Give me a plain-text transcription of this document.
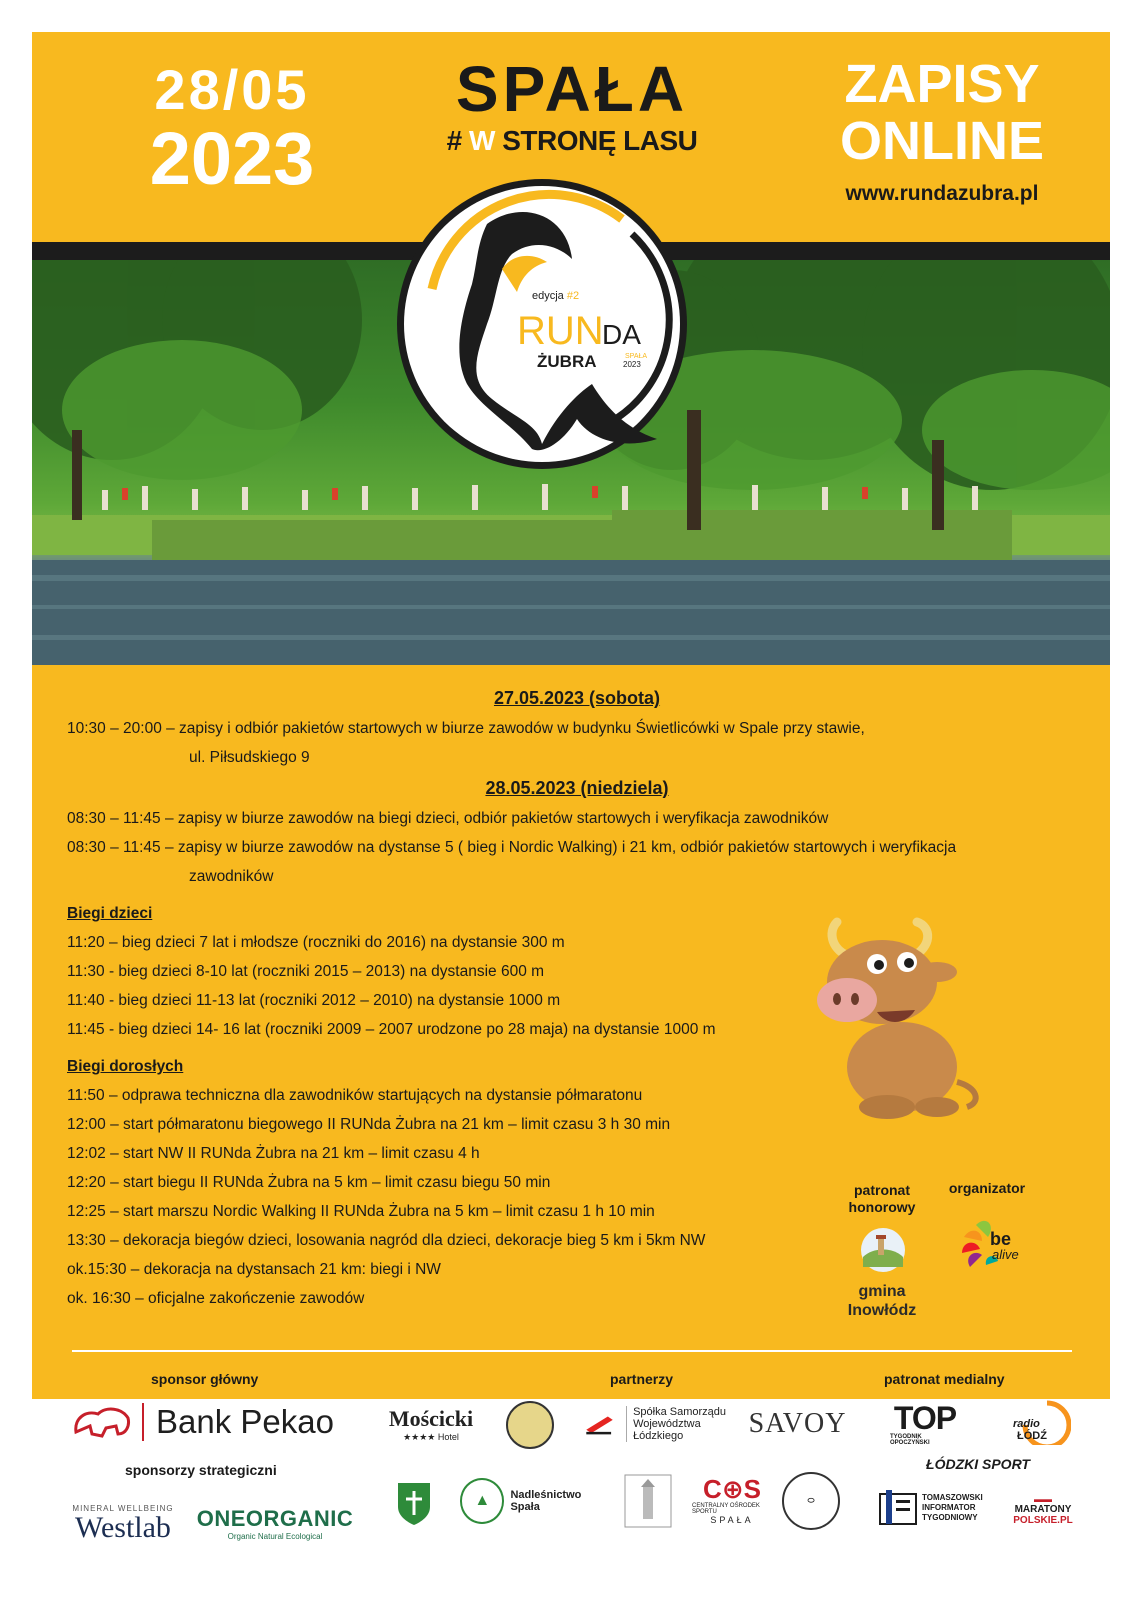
28/05
2023
SPAŁA
# W STRONĘ LASU
ZAPISY
ONLINE
www.rundazubra.pl
edycja #2
RUN
DA
ŻUBRA	SPAŁA
2023
27.05.2023 (sobota)
10:30 – 20:00 – zapisy i odbiór pakietów startowych w biurze zawodów w budynku Świetlicówki w Spale przy stawie,
ul. Piłsudskiego 9
28.05.2023 (niedziela)
08:30 – 11:45 – zapisy w biurze zawodów na biegi dzieci, odbiór pakietów startowych i weryfikacja zawodników
08:30 – 11:45 – zapisy w biurze zawodów na dystanse 5 ( bieg i Nordic Walking) i 21 km, odbiór pakietów startowych i weryfikacja
zawodników
Biegi dzieci
11:20 – bieg dzieci 7 lat i młodsze (roczniki do 2016) na dystansie 300 m
11:30 - bieg dzieci 8-10 lat (roczniki 2015 – 2013) na dystansie 600 m
11:40 - bieg dzieci 11-13 lat (roczniki 2012 – 2010) na dystansie 1000 m
11:45 - bieg dzieci 14- 16 lat (roczniki 2009 – 2007 urodzone po 28 maja) na dystansie 1000 m
Biegi dorosłych
11:50 – odprawa techniczna dla zawodników startujących na dystansie półmaratonu
12:00 – start półmaratonu biegowego II RUNda Żubra na 21 km – limit czasu 3 h 30 min
12:02 – start NW II RUNda Żubra na 21 km – limit czasu 4 h
12:20 – start biegu II RUNda Żubra na 5 km – limit czasu biegu 50 min
12:25 – start marszu Nordic Walking II RUNda Żubra na 5 km – limit czasu 1 h 10 min
13:30 – dekoracja biegów dzieci, losowania nagród dla dzieci, dekoracje bieg 5 km i 5km NW
ok.15:30 – dekoracja na dystansach 21 km: biegi i NW
ok. 16:30 – oficjalne zakończenie zawodów
patronat
honorowy
gmina
Inowłódz
organizator
be
alive
sponsor główny
Bank Pekao
sponsorzy strategiczni
MINERAL WELLBEING
Westlab ONEORGANIC
Organic Natural Ecological
partnerzy
Mościcki
★★★★ Hotel
Spółka Samorządu
Województwa Łódzkiego	SAVOY
▲	Nadleśnictwo Spała
C⊕S
CENTRALNY OŚRODEK SPORTU
SPAŁA
⬭
patronat medialny
TOP
TYGODNIK OPOCZYŃSKI
radio
ŁÓDŹ
ŁÓDZKI SPORT
TOMASZOWSKI
INFORMATOR
TYGODNIOWY
▬▬
MARATONY
POLSKIE.PL
